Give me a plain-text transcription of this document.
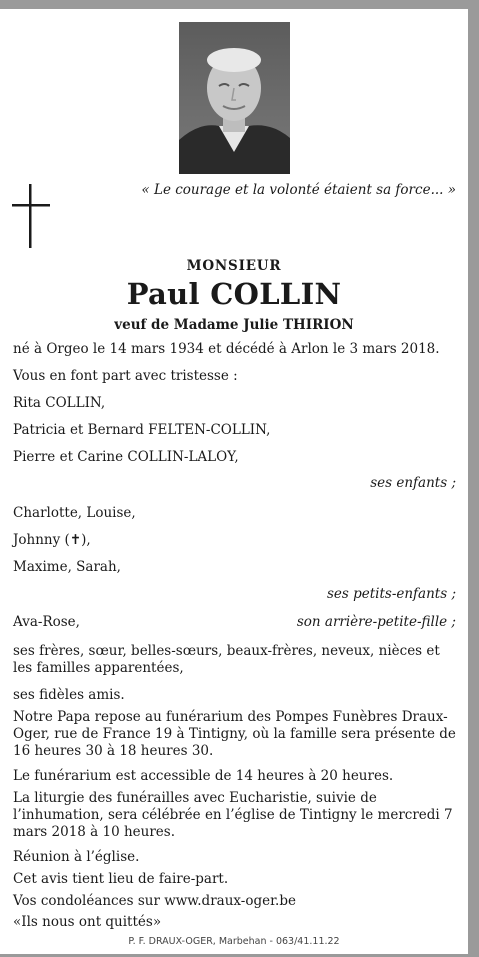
« Le courage et la volonté étaient sa force... »
MONSIEUR
Paul COLLIN
veuf de Madame Julie THIRION
né à Orgeo le 14 mars 1934 et décédé à Arlon le 3 mars 2018.
Vous en font part avec tristesse :
Rita COLLIN,
Patricia et Bernard FELTEN-COLLIN,
Pierre et Carine COLLIN-LALOY,
ses enfants ;
Charlotte, Louise,
Johnny (✝),
Maxime, Sarah,
ses petits-enfants ;
Ava-Rose,	son arrière-petite-fille ;
ses frères, sœur, belles-sœurs, beaux-frères, neveux, nièces et les familles apparentées,
ses fidèles amis.
Notre Papa repose au funérarium des Pompes Funèbres Draux-Oger, rue de France 19 à Tintigny, où la famille sera présente de 16 heures 30 à 18 heures 30.
Le funérarium est accessible de 14 heures à 20 heures.
La liturgie des funérailles avec Eucharistie, suivie de l’inhumation, sera célébrée en l’église de Tintigny le mercredi 7 mars 2018 à 10 heures.
Réunion à l’église.
Cet avis tient lieu de faire-part.
Vos condoléances sur www.draux-oger.be
«Ils nous ont quittés»
P. F. DRAUX-OGER, Marbehan - 063/41.11.22
